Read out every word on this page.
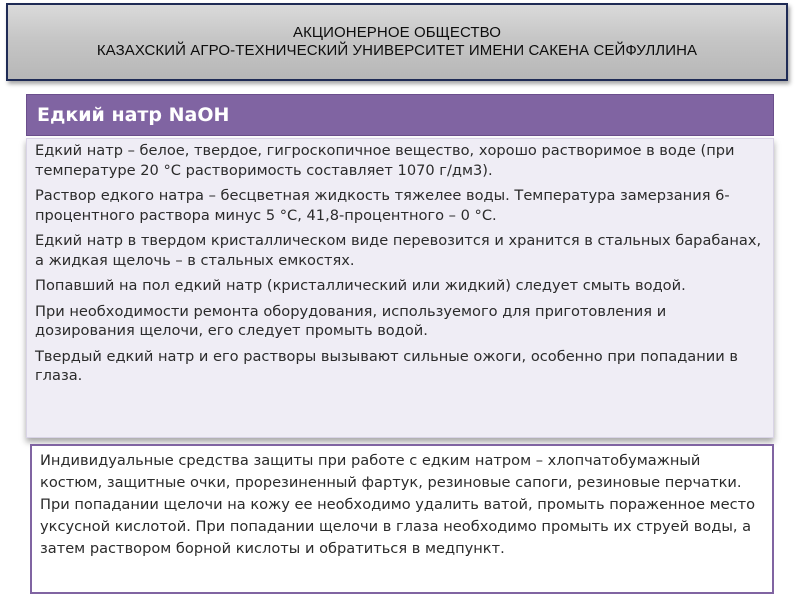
АКЦИОНЕРНОЕ ОБЩЕСТВО
КАЗАХСКИЙ АГРО-ТЕХНИЧЕСКИЙ УНИВЕРСИТЕТ ИМЕНИ САКЕНА СЕЙФУЛЛИНА
Едкий натр NaOH

Едкий натр – белое, твердое, гигроскопичное вещество, хорошо растворимое в воде (при температуре 20 °С растворимость составляет 1070 г/дм3).

Раствор едкого натра – бесцветная жидкость тяжелее воды. Температура замерзания 6-процентного раствора минус 5 °С, 41,8-процентного – 0 °С.

Едкий натр в твердом кристаллическом виде перевозится и хранится в стальных барабанах, а жидкая щелочь – в стальных емкостях.

Попавший на пол едкий натр (кристаллический или жидкий) следует смыть водой.

При необходимости ремонта оборудования, используемого для приготовления и дозирования щелочи, его следует промыть водой.

Твердый едкий натр и его растворы вызывают сильные ожоги, особенно при попадании в глаза.

Индивидуальные средства защиты при работе с едким натром – хлопчатобумажный костюм, защитные очки, прорезиненный фартук, резиновые сапоги, резиновые перчатки. При попадании щелочи на кожу ее необходимо удалить ватой, промыть пораженное место уксусной кислотой. При попадании щелочи в глаза необходимо промыть их струей воды, а затем раствором борной кислоты и обратиться в медпункт.
